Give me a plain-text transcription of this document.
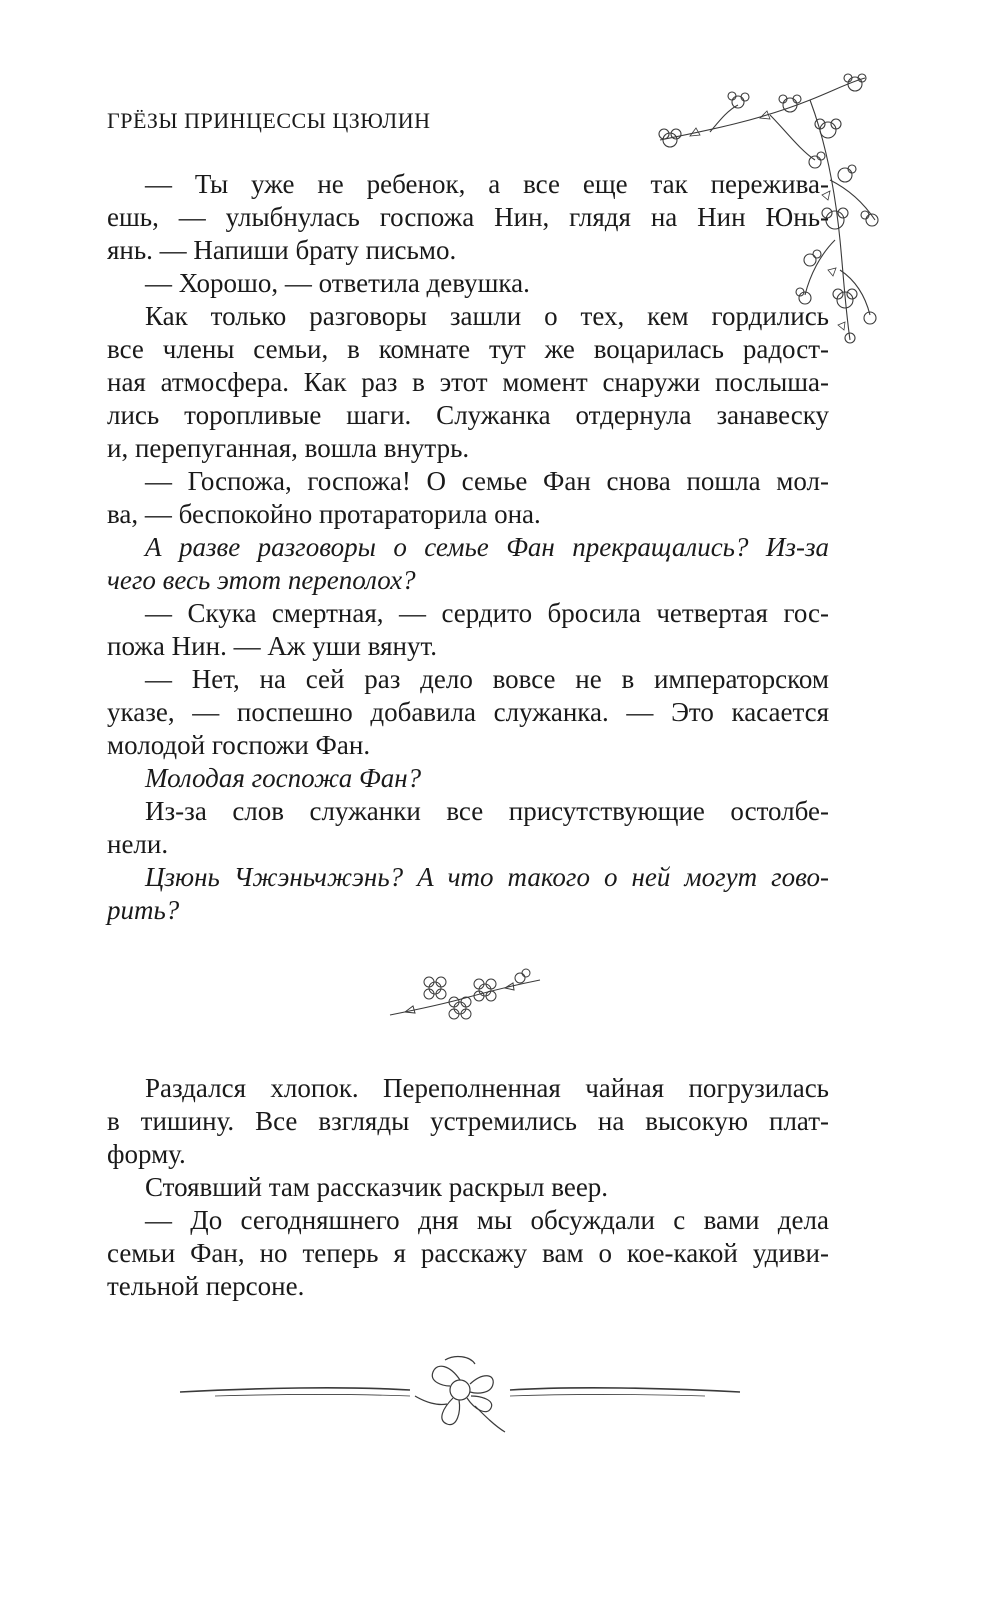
ГРЁЗЫ ПРИНЦЕССЫ ЦЗЮЛИН
— Ты уже не ребенок, а все еще так пережива-
ешь, — улыбнулась госпожа Нин, глядя на Нин Юнь-
янь. — Напиши брату письмо.
— Хорошо, — ответила девушка.
Как только разговоры зашли о тех, кем гордились
все члены семьи, в комнате тут же воцарилась радост-
ная атмосфера. Как раз в этот момент снаружи послыша-
лись торопливые шаги. Служанка отдернула занавеску
и, перепуганная, вошла внутрь.
— Госпожа, госпожа! О семье Фан снова пошла мол-
ва, — беспокойно протараторила она.
А разве разговоры о семье Фан прекращались? Из-за
чего весь этот переполох?
— Скука смертная, — сердито бросила четвертая гос-
пожа Нин. — Аж уши вянут.
— Нет, на сей раз дело вовсе не в императорском
указе, — поспешно добавила служанка. — Это касается
молодой госпожи Фан.
Молодая госпожа Фан?
Из-за слов служанки все присутствующие остолбе-
нели.
Цзюнь Чжэньчжэнь? А что такого о ней могут гово-
рить?
Раздался хлопок. Переполненная чайная погрузилась
в тишину. Все взгляды устремились на высокую плат-
форму.
Стоявший там рассказчик раскрыл веер.
— До сегодняшнего дня мы обсуждали с вами дела
семьи Фан, но теперь я расскажу вам о кое-какой удиви-
тельной персоне.
